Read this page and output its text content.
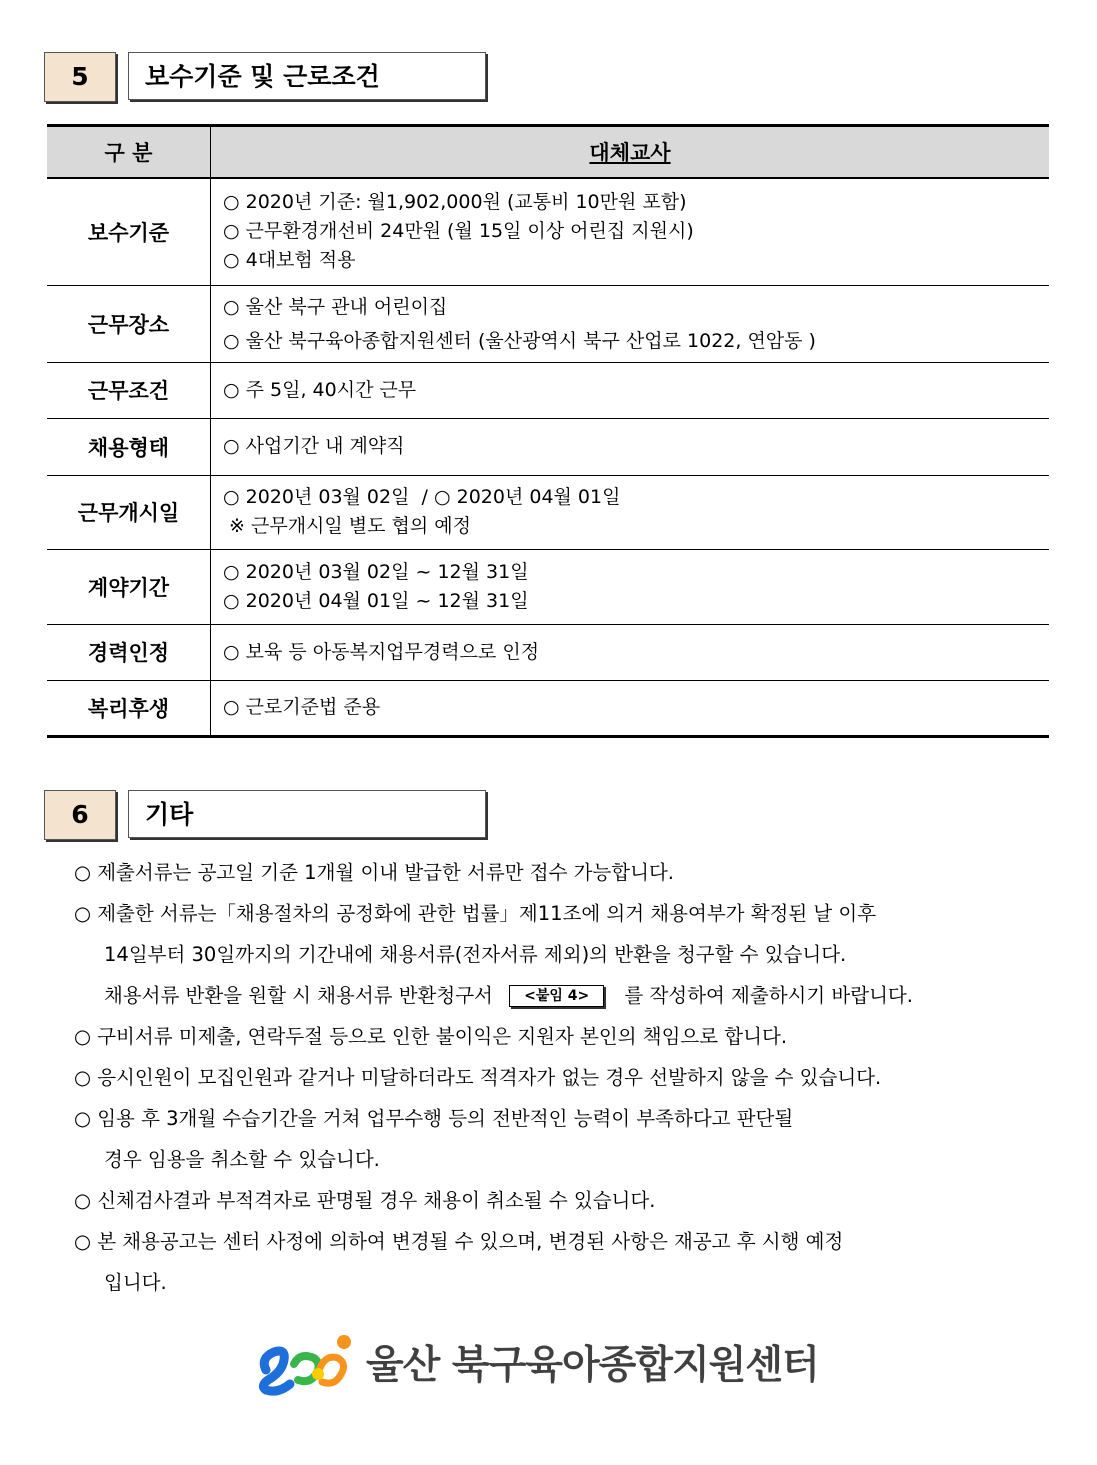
5	보수기준 및 근로조건
구 분	대체교사
보수기준	○ 2020년 기준: 월1,902,000원 (교통비 10만원 포함)
○ 근무환경개선비 24만원 (월 15일 이상 어린집 지원시)
○ 4대보험 적용

근무장소	○ 울산 북구 관내 어린이집
○ 울산 북구육아종합지원센터 (울산광역시 북구 산업로 1022, 연암동 )

근무조건	○ 주 5일, 40시간 근무

채용형태	○ 사업기간 내 계약직

근무개시일	○ 2020년 03월 02일  / ○ 2020년 04월 01일
※ 근무개시일 별도 협의 예정

계약기간	○ 2020년 03월 02일 ~ 12월 31일
○ 2020년 04월 01일 ~ 12월 31일

경력인정	○ 보육 등 아동복지업무경력으로 인정

복리후생	○ 근로기준법 준용
6	기타
○ 제출서류는 공고일 기준 1개월 이내 발급한 서류만 접수 가능합니다.
○ 제출한 서류는「채용절차의 공정화에 관한 법률」제11조에 의거 채용여부가 확정된 날 이후
14일부터 30일까지의 기간내에 채용서류(전자서류 제외)의 반환을 청구할 수 있습니다.
채용서류 반환을 원할 시 채용서류 반환청구서 <붙임 4> 를 작성하여 제출하시기 바랍니다.
○ 구비서류 미제출, 연락두절 등으로 인한 불이익은 지원자 본인의 책임으로 합니다.
○ 응시인원이 모집인원과 같거나 미달하더라도 적격자가 없는 경우 선발하지 않을 수 있습니다.
○ 임용 후 3개월 수습기간을 거쳐 업무수행 등의 전반적인 능력이 부족하다고 판단될
경우 임용을 취소할 수 있습니다.
○ 신체검사결과 부적격자로 판명될 경우 채용이 취소될 수 있습니다.
○ 본 채용공고는 센터 사정에 의하여 변경될 수 있으며, 변경된 사항은 재공고 후 시행 예정
입니다.
울산 북구육아종합지원센터
